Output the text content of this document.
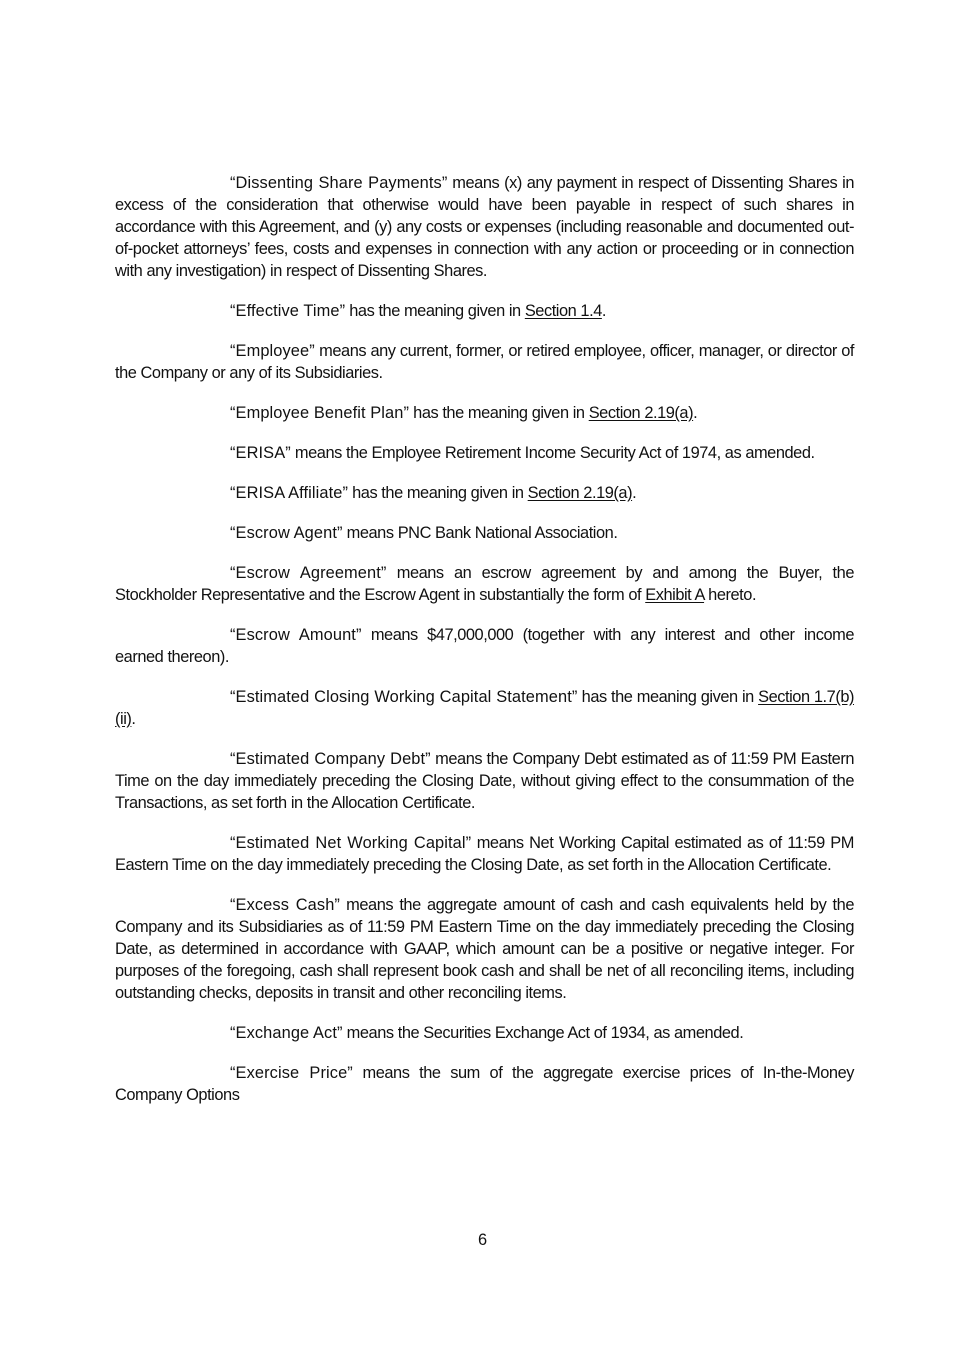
“Dissenting Share Payments” means (x) any payment in respect of Dissenting Shares in excess of the consideration that otherwise would have been payable in respect of such shares in accordance with this Agreement, and (y) any costs or expenses (including reasonable and documented out-of-pocket attorneys’ fees, costs and expenses in connection with any action or proceeding or in connection with any investigation) in respect of Dissenting Shares.

“Effective Time” has the meaning given in Section 1.4.

“Employee” means any current, former, or retired employee, officer, manager, or director of the Company or any of its Subsidiaries.

“Employee Benefit Plan” has the meaning given in Section 2.19(a).

“ERISA” means the Employee Retirement Income Security Act of 1974, as amended.

“ERISA Affiliate” has the meaning given in Section 2.19(a).

“Escrow Agent” means PNC Bank National Association.

“Escrow Agreement” means an escrow agreement by and among the Buyer, the Stockholder Representative and the Escrow Agent in substantially the form of Exhibit A hereto.

“Escrow Amount” means $47,000,000 (together with any interest and other income earned thereon).

“Estimated Closing Working Capital Statement” has the meaning given in Section 1.7(b)(ii).

“Estimated Company Debt” means the Company Debt estimated as of 11:59 PM Eastern Time on the day immediately preceding the Closing Date, without giving effect to the consummation of the Transactions, as set forth in the Allocation Certificate.

“Estimated Net Working Capital” means Net Working Capital estimated as of 11:59 PM Eastern Time on the day immediately preceding the Closing Date, as set forth in the Allocation Certificate.

“Excess Cash” means the aggregate amount of cash and cash equivalents held by the Company and its Subsidiaries as of 11:59 PM Eastern Time on the day immediately preceding the Closing Date, as determined in accordance with GAAP, which amount can be a positive or negative integer. For purposes of the foregoing, cash shall represent book cash and shall be net of all reconciling items, including outstanding checks, deposits in transit and other reconciling items.

“Exchange Act” means the Securities Exchange Act of 1934, as amended.

“Exercise Price” means the sum of the aggregate exercise prices of In-the-Money Company Options

6
